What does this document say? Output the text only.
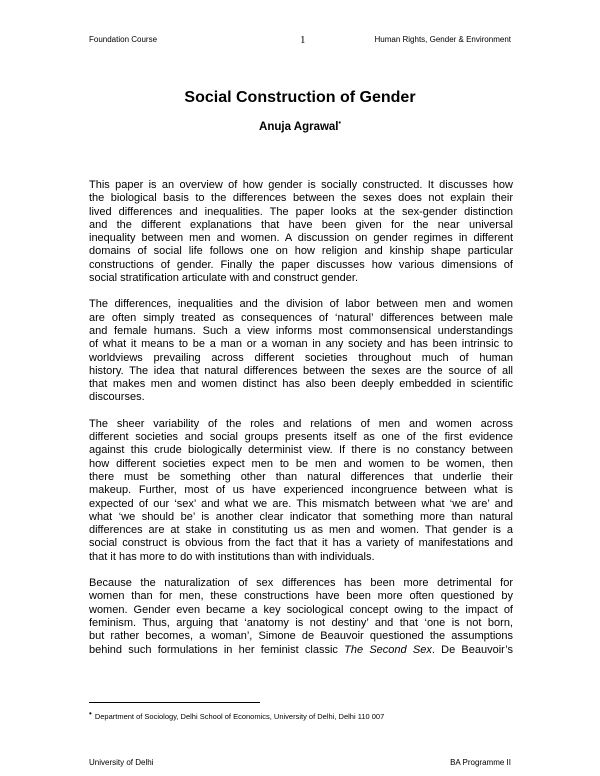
Foundation Course	1	Human Rights, Gender & Environment
Social Construction of Gender
Anuja Agrawal•

This paper is an overview of how gender is socially constructed. It discusses how
the biological basis to the differences between the sexes does not explain their
lived differences and inequalities. The paper looks at the sex-gender distinction
and the different explanations that have been given for the near universal
inequality between men and women. A discussion on gender regimes in different
domains of social life follows one on how religion and kinship shape particular
constructions of gender. Finally the paper discusses how various dimensions of
social stratification articulate with and construct gender.

The differences, inequalities and the division of labor between men and women
are often simply treated as consequences of ‘natural’ differences between male
and female humans. Such a view informs most commonsensical understandings
of what it means to be a man or a woman in any society and has been intrinsic to
worldviews prevailing across different societies throughout much of human
history. The idea that natural differences between the sexes are the source of all
that makes men and women distinct has also been deeply embedded in scientific
discourses.

The sheer variability of the roles and relations of men and women across
different societies and social groups presents itself as one of the first evidence
against this crude biologically determinist view. If there is no constancy between
how different societies expect men to be men and women to be women, then
there must be something other than natural differences that underlie their
makeup. Further, most of us have experienced incongruence between what is
expected of our ‘sex’ and what we are. This mismatch between what ‘we are’ and
what ‘we should be’ is another clear indicator that something more than natural
differences are at stake in constituting us as men and women. That gender is a
social construct is obvious from the fact that it has a variety of manifestations and
that it has more to do with institutions than with individuals.

Because the naturalization of sex differences has been more detrimental for
women than for men, these constructions have been more often questioned by
women. Gender even became a key sociological concept owing to the impact of
feminism. Thus, arguing that ‘anatomy is not destiny’ and that ‘one is not born,
but rather becomes, a woman’, Simone de Beauvoir questioned the assumptions
behind such formulations in her feminist classic The Second Sex. De Beauvoir’s

• Department of Sociology, Delhi School of Economics, University of Delhi, Delhi 110 007
University of Delhi	BA Programme II
